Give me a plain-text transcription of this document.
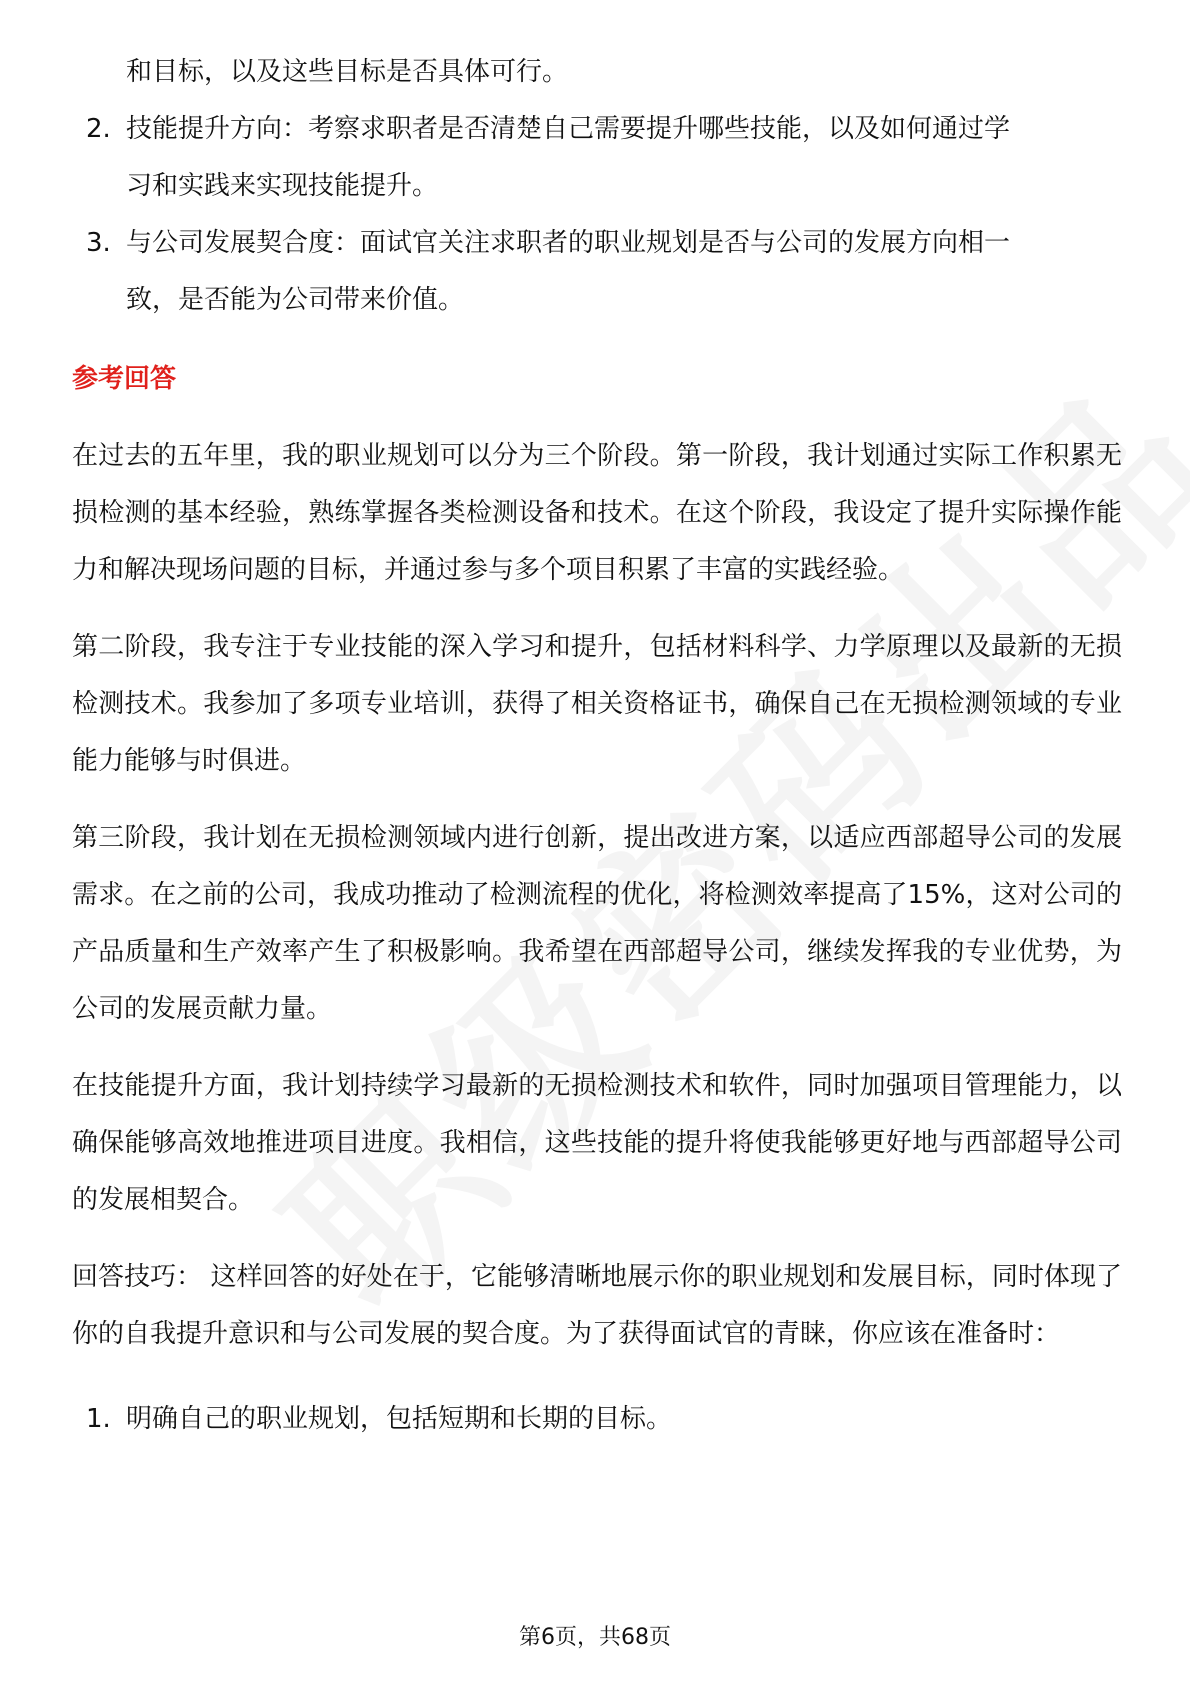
和目标，以及这些目标是否具体可行。
2. 技能提升方向：考察求职者是否清楚自己需要提升哪些技能，以及如何通过学
习和实践来实现技能提升。
3. 与公司发展契合度：面试官关注求职者的职业规划是否与公司的发展方向相一
致，是否能为公司带来价值。
参考回答
在过去的五年里，我的职业规划可以分为三个阶段。第一阶段，我计划通过实际工作积累无损检测的基本经验，熟练掌握各类检测设备和技术。在这个阶段，我设定了提升实际操作能力和解决现场问题的目标，并通过参与多个项目积累了丰富的实践经验。
第二阶段，我专注于专业技能的深入学习和提升，包括材料科学、力学原理以及最新的无损检测技术。我参加了多项专业培训，获得了相关资格证书，确保自己在无损检测领域的专业能力能够与时俱进。
第三阶段，我计划在无损检测领域内进行创新，提出改进方案，以适应西部超导公司的发展需求。在之前的公司，我成功推动了检测流程的优化，将检测效率提高了15%，这对公司的产品质量和生产效率产生了积极影响。我希望在西部超导公司，继续发挥我的专业优势，为公司的发展贡献力量。
在技能提升方面，我计划持续学习最新的无损检测技术和软件，同时加强项目管理能力，以确保能够高效地推进项目进度。我相信，这些技能的提升将使我能够更好地与西部超导公司的发展相契合。
回答技巧： 这样回答的好处在于，它能够清晰地展示你的职业规划和发展目标，同时体现了你的自我提升意识和与公司发展的契合度。为了获得面试官的青睐，你应该在准备时：
1. 明确自己的职业规划，包括短期和长期的目标。
第6页，共68页
